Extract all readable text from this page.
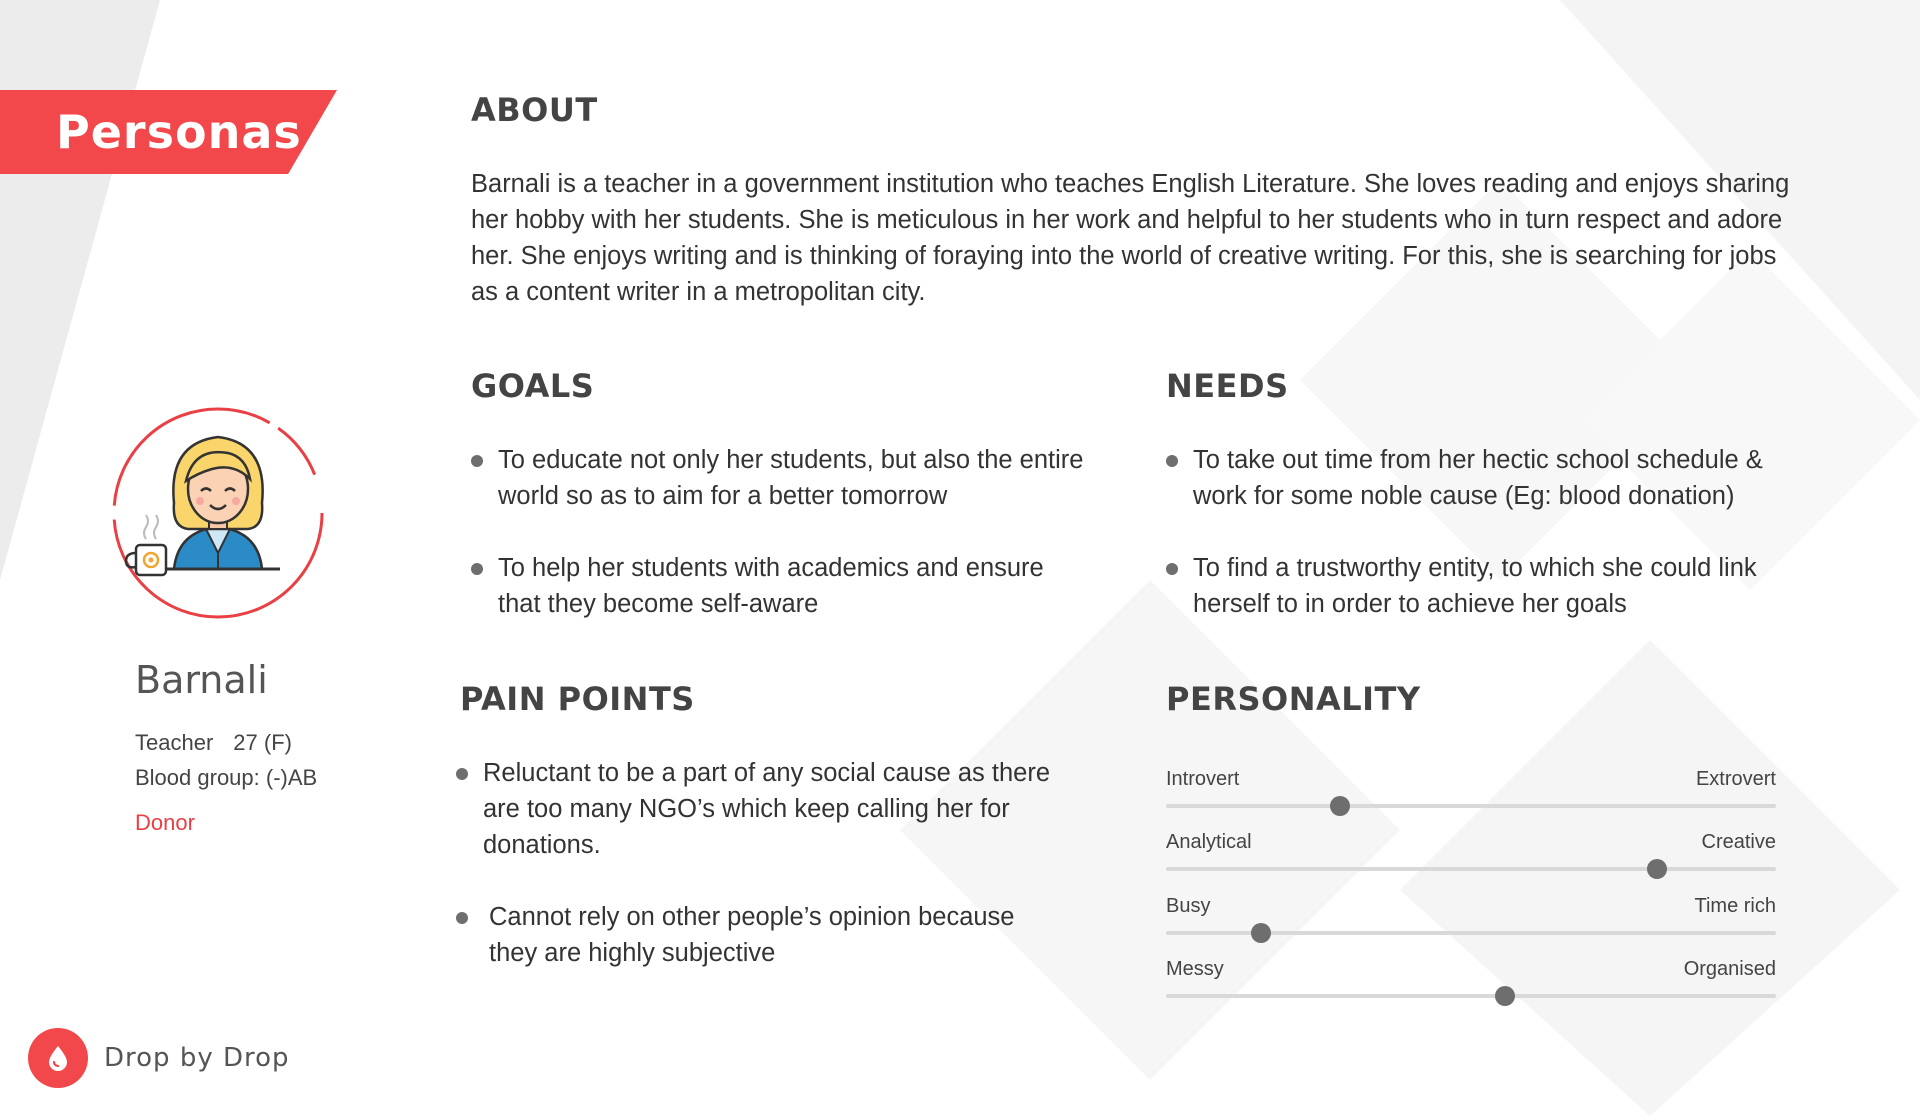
Personas
Barnali
Teacher 27 (F)
Blood group: (-)AB
Donor
Drop by Drop
ABOUT

Barnali is a teacher in a government institution who teaches English Literature. She loves reading and enjoys sharing her hobby with her students. She is meticulous in her work and helpful to her students who in turn respect and adore her. She enjoys writing and is thinking of foraying into the world of creative writing. For this, she is searching for jobs as a content writer in a metropolitan city.

GOALS
To educate not only her students, but also the entire world so as to aim for a better tomorrow
To help her students with academics and ensure that they become self-aware
NEEDS
To take out time from her hectic school schedule & work for some noble cause (Eg: blood donation)
To find a trustworthy entity, to which she could link herself to in order to achieve her goals
PAIN POINTS
Reluctant to be a part of any social cause as there are too many NGO’s which keep calling her for donations.
Cannot rely on other people’s opinion because they are highly subjective
PERSONALITY
Introvert	Extrovert
Analytical	Creative
Busy	Time rich
Messy	Organised
